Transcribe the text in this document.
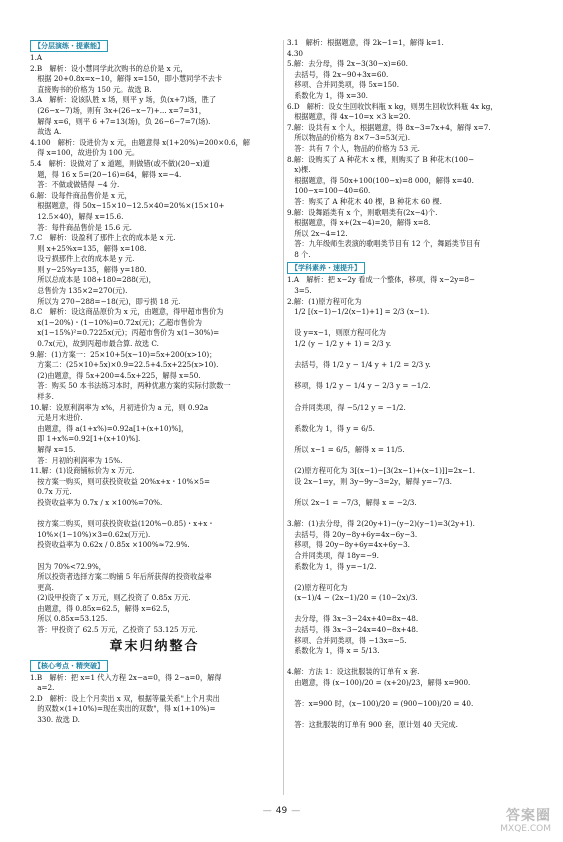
【分层演练・提素能】
1.A
2.B　解析：设小慧同学此次购书的总价是 x 元，
　根据 20+0.8x=x−10，解得 x=150，即小慧同学不去卡
　直接购书的价格为 150 元。故选 B.
3.A　解析：设该队胜 x 场，则平 y 场，负(x+7)场，胜了
　(26−x−7)场，则有 3x+(26−x−7)+... x=7=31，
　解得 x=6，则平 6 +7=13(场)，负 26−6−7=7(场).
　故选 A.
4.100　解析：设进价为 x 元，由题意得 x(1+20%)=200×0.6，解
　得 x=100，故进价为 100 元。
5.4　解析：设做对了 x 道题，则做错(或不做)(20−x)道
　题，得 16 x 5=(20−16)=64，解得 x=−4.
　答：不做或做错得 −4 分.
6.解：设每件商品售价是 x 元，
　根据题意，得 50x−15×10−12.5×40=20%×(15×10+
　12.5×40)，解得 x=15.6.
　答：每件商品售价是 15.6 元.
7.C　解析：设盈利了那件上衣的成本是 x 元.
　则 x+25%x=135，解得 x=108.
　设亏损那件上衣的成本是 y 元.
　则 y−25%y=135，解得 y=180.
　所以总成本是 108+180=288(元)，
　总售价为 135×2=270(元).
　所以为 270−288=−18(元)，即亏损 18 元.
8.C　解析：设这商品原价为 x 元，由题意，得甲超市售价为
　x(1−20%)・(1−10%)=0.72x(元)；乙超市售价为
　x(1−15%)²=0.7225x(元)；丙超市售价为 x(1−30%)=
　0.7x(元)，故到丙超市最合算. 故选 C.
9.解：(1)方案一：25×10+5(x−10)=5x+200(x>10)；
　方案二：(25×10+5x)×0.9=22.5+4.5x+225(x>10).
　(2)由题意，得 5x+200=4.5x+225，解得 x=50.
　答：购买 50 本书法练习本时，两种优惠方案的实际付款数一
　样多.
10.解：设原利润率为 x%，月初进价为 a 元，则 0.92a
　元是月末进价.
　由题意，得 a(1+x%)=0.92a[1+(x+10)%]，
　即 1+x%=0.92[1+(x+10)%].
　解得 x=15.
　答：月初的利润率为 15%.
11.解：(1)设商铺标价为 x 万元.
　按方案一购买，则可获投资收益 20%x+x・10%×5=
　0.7x 万元.
　投资收益率为 0.7x / x ×100%=70%.

　按方案二购买，则可获投资收益(120%−0.85)・x+x・
　10%×(1−10%)×3=0.62x(万元).
　投资收益率为 0.62x / 0.85x ×100%≈72.9%.

　因为 70%<72.9%，
　所以投资者选择方案二购铺 5 年后所获得的投资收益率
　更高.
　(2)设甲投资了 x 万元，则乙投资了 0.85x 万元.
　由题意，得 0.85x=62.5，解得 x=62.5，
　所以 0.85x=53.125.
　答：甲投资了 62.5 万元，乙投资了 53.125 万元.
章末归纳整合
【核心考点・精突破】
1.B　解析：把 x=1 代入方程 2x−a=0，得 2−a=0，解得
　a=2.
2.D　解析：设上个月卖出 x 双，根据等量关系"上个月卖出
　的双数×(1+10%)=现在卖出的双数"，得 x(1+10%)=
　330. 故选 D.
3.1　解析：根据题意，得 2k−1=1，解得 k=1.
4.30
5.解：去分母，得 2x−3(30−x)=60.
　去括号，得 2x−90+3x=60.
　移项、合并同类项，得 5x=150.
　系数化为 1，得 x=30.
6.D　解析：设女生回收饮料瓶 x kg，则男生回收饮料瓶 4x kg，
　根据题意，得 4x−10=x ×3 k=20.
7.解：设共有 x 个人，根据题意，得 8x−3=7x+4，解得 x=7.
　所以物品的价格为 8×7−3=53(元).
　答：共有 7 个人，物品的价格为 53 元.
8.解：设购买了 A 种花木 x 棵，则购买了 B 种花木(100−
　x)棵.
　根据题意，得 50x+100(100−x)=8 000，解得 x=40.
　100−x=100−40=60.
　答：购买了 A 种花木 40 棵，B 种花木 60 棵.
9.解：设舞蹈类有 x 个，则歌唱类有(2x−4)个.
　根据题意，得 x+(2x−4)=20，解得 x=8.
　所以 2x−4=12.
　答：九年级师生表演的歌唱类节目有 12 个，舞蹈类节目有
　8 个.
【学科素养・速提升】
1.A　解析：把 x−2y 看成一个整体，移项，得 x−2y=8−
　3=5.
2.解：(1)原方程可化为
　1/2 [(x−1)−1/2(x−1)+1] = 2/3 (x−1).

　设 y=x−1，则原方程可化为
　1/2 (y − 1/2 y + 1) = 2/3 y.

　去括号，得 1/2 y − 1/4 y + 1/2 = 2/3 y.

　移项，得 1/2 y − 1/4 y − 2/3 y = −1/2.

　合并同类项，得 −5/12 y = −1/2.

　系数化为 1，得 y = 6/5.

　所以 x−1 = 6/5，解得 x = 11/5.

　(2)原方程可化为 3[(x−1)−[3(2x−1)+(x−1)]]=2x−1.
　设 2x−1=y，则 3y−9y−3=2y，解得 y=−7/3.

　所以 2x−1 = −7/3，解得 x = −2/3.

3.解：(1)去分母，得 2(20y+1)−(y−2)(y−1)=3(2y+1).
　去括号，得 20y−8y+6y=4x−6y−3.
　移项，得 20y−8y+6y=4x+6y−3.
　合并同类项，得 18y=−9.
　系数化为 1，得 y=−1/2.

　(2)原方程可化为
　(x−1)/4 − (2x−1)/20 = (10−2x)/3.

　去分母，得 3x−3−24x+40=8x−48.
　去括号，得 3x−3−24x=40−8x+48.
　移项、合并同类项，得 −13x=−5.
　系数化为 1，得 x = 5/13.

4.解：方法 1：设这批服装的订单有 x 套.
　由题意，得 (x−100)/20 = (x+20)/23，解得 x=900.

　答：x=900 时，(x−100)/20 = (900−100)/20 = 40.

　答：这批服装的订单有 900 套，原计划 40 天完成.
— 49 —	答案圈
MXQE.COM
